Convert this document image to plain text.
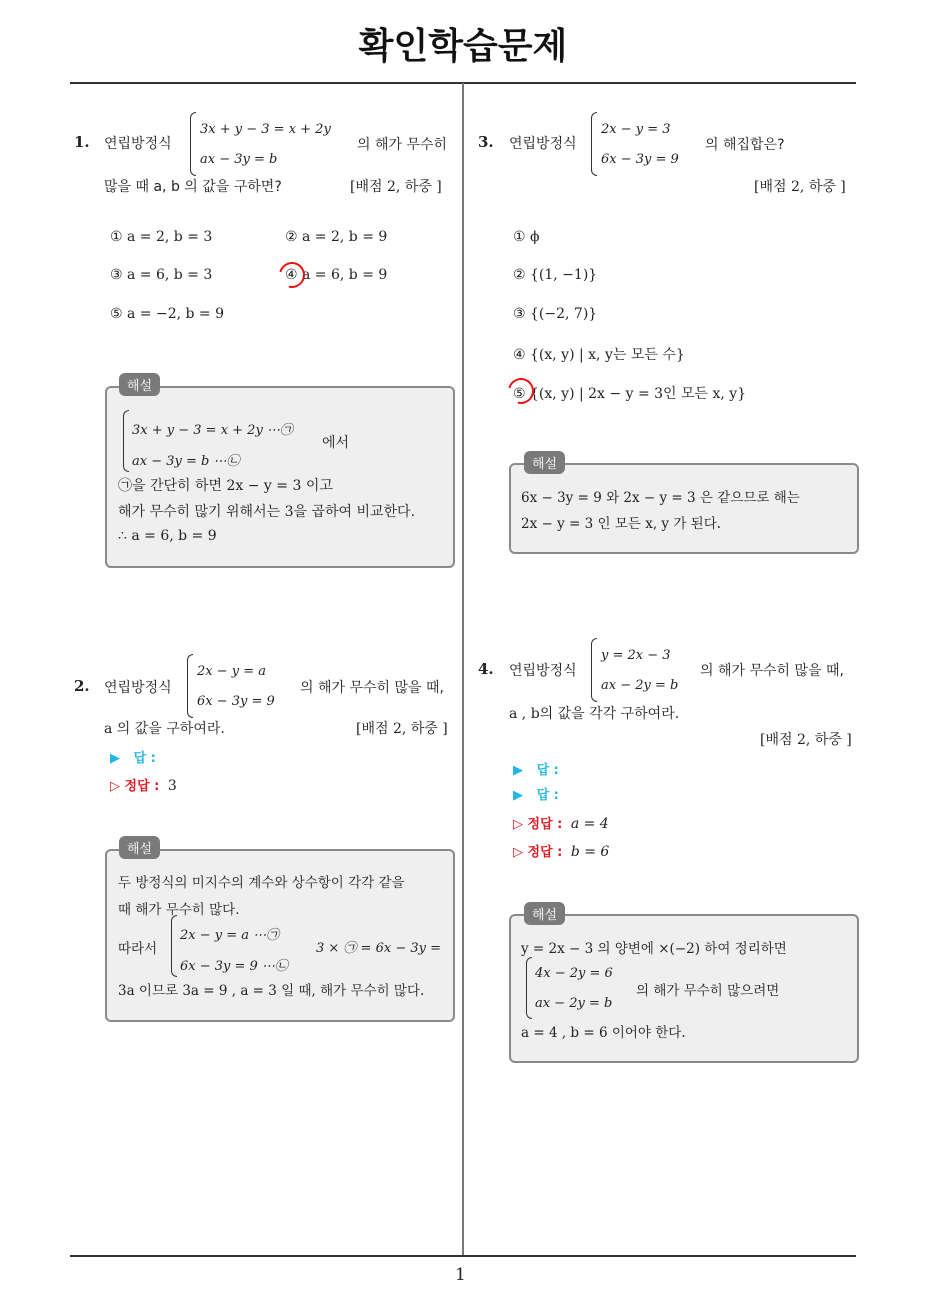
확인학습문제
1
1. 연립방정식
3x + y − 3 = x + 2y
ax − 3y = b
의 해가 무수히
많을 때 a, b 의 값을 구하면?	[배점 2, 하중 ]
① a = 2, b = 3	② a = 2, b = 9
③ a = 6, b = 3	④ a = 6, b = 9
⑤ a = −2, b = 9
해설
3x + y − 3 = x + 2y ⋯㉠
ax − 3y = b ⋯㉡
에서
㉠을 간단히 하면 2x − y = 3 이고
해가 무수히 많기 위해서는 3을 곱하여 비교한다.
∴ a = 6, b = 9
2. 연립방정식
2x − y = a
6x − 3y = 9
의 해가 무수히 많을 때,
a 의 값을 구하여라.	[배점 2, 하중 ]
▶   답 :
▷ 정답 : 3
해설
두 방정식의 미지수의 계수와 상수항이 각각 같을
때 해가 무수히 많다.
따라서
2x − y = a ⋯㉠
6x − 3y = 9 ⋯㉡
3 × ㉠ = 6x − 3y =
3a 이므로 3a = 9 , a = 3 일 때, 해가 무수히 많다.
3. 연립방정식
2x − y = 3
6x − 3y = 9
의 해집합은?
[배점 2, 하중 ]
① ϕ
② {(1, −1)}
③ {(−2, 7)}
④ {(x, y) | x, y는 모든 수}
⑤ {(x, y) | 2x − y = 3인 모든 x, y}
해설
6x − 3y = 9 와 2x − y = 3 은 같으므로 해는
2x − y = 3 인 모든 x, y 가 된다.
4. 연립방정식
y = 2x − 3
ax − 2y = b
의 해가 무수히 많을 때,
a , b의 값을 각각 구하여라.
[배점 2, 하중 ]
▶   답 :
▶   답 :
▷ 정답 : a = 4
▷ 정답 : b = 6
해설
y = 2x − 3 의 양변에 ×(−2) 하여 정리하면
4x − 2y = 6
ax − 2y = b
의 해가 무수히 많으려면
a = 4 , b = 6 이어야 한다.
